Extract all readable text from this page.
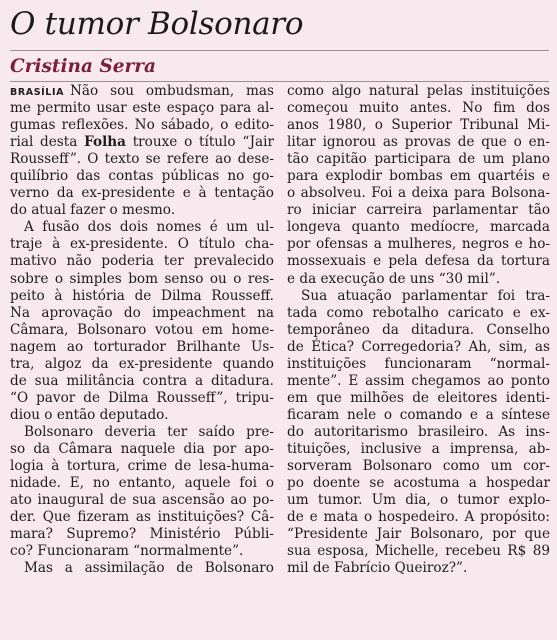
O tumor Bolsonaro
Cristina Serra
BRASÍLIA Não sou ombudsman, mas
me permito usar este espaço para al-
gumas reflexões. No sábado, o edito-
rial desta Folha trouxe o título “Jair
Rousseff”. O texto se refere ao dese-
quilíbrio das contas públicas no go-
verno da ex-presidente e à tentação
do atual fazer o mesmo.
A fusão dos dois nomes é um ul-
traje à ex-presidente. O título cha-
mativo não poderia ter prevalecido
sobre o simples bom senso ou o res-
peito à história de Dilma Rousseff.
Na aprovação do impeachment na
Câmara, Bolsonaro votou em home-
nagem ao torturador Brilhante Us-
tra, algoz da ex-presidente quando
de sua militância contra a ditadura.
“O pavor de Dilma Rousseff”, tripu-
diou o então deputado.
Bolsonaro deveria ter saído pre-
so da Câmara naquele dia por apo-
logia à tortura, crime de lesa-huma-
nidade. E, no entanto, aquele foi o
ato inaugural de sua ascensão ao po-
der. Que fizeram as instituições? Câ-
mara? Supremo? Ministério Públi-
co? Funcionaram “normalmente”.
Mas a assimilação de Bolsonaro
como algo natural pelas instituições
começou muito antes. No fim dos
anos 1980, o Superior Tribunal Mi-
litar ignorou as provas de que o en-
tão capitão participara de um plano
para explodir bombas em quartéis e
o absolveu. Foi a deixa para Bolsona-
ro iniciar carreira parlamentar tão
longeva quanto medíocre, marcada
por ofensas a mulheres, negros e ho-
mossexuais e pela defesa da tortura
e da execução de uns “30 mil”.
Sua atuação parlamentar foi tra-
tada como rebotalho caricato e ex-
temporâneo da ditadura. Conselho
de Ética? Corregedoria? Ah, sim, as
instituições funcionaram “normal-
mente”. E assim chegamos ao ponto
em que milhões de eleitores identi-
ficaram nele o comando e a síntese
do autoritarismo brasileiro. As ins-
tituições, inclusive a imprensa, ab-
sorveram Bolsonaro como um cor-
po doente se acostuma a hospedar
um tumor. Um dia, o tumor explo-
de e mata o hospedeiro. A propósito:
“Presidente Jair Bolsonaro, por que
sua esposa, Michelle, recebeu R$ 89
mil de Fabrício Queiroz?”.
